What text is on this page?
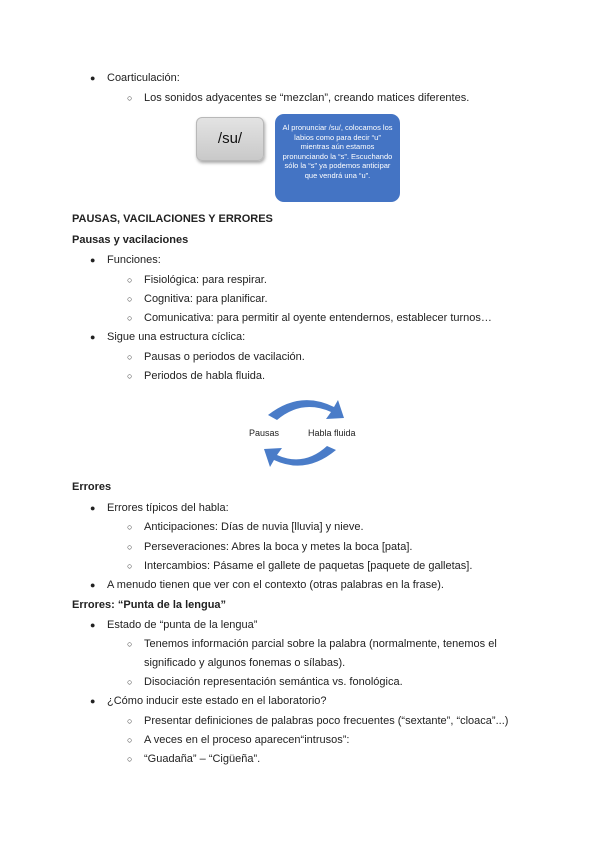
● Coarticulación:
○ Los sonidos adyacentes se “mezclan”, creando matices diferentes.
/su/
Al pronunciar /su/, colocamos los labios como para decir “u” mientras aún estamos pronunciando la “s”. Escuchando sólo la “s” ya podemos anticipar que vendrá una “u”.
PAUSAS, VACILACIONES Y ERRORES
Pausas y vacilaciones
● Funciones:
○ Fisiológica: para respirar.
○ Cognitiva: para planificar.
○ Comunicativa: para permitir al oyente entendernos, establecer turnos…
● Sigue una estructura cíclica:
○ Pausas o periodos de vacilación.
○ Periodos de habla fluida.
Pausas	Habla fluida
Errores
● Errores típicos del habla:
○ Anticipaciones: Días de nuvia [lluvia] y nieve.
○ Perseveraciones: Abres la boca y metes la boca [pata].
○ Intercambios: Pásame el gallete de paquetas [paquete de galletas].
● A menudo tienen que ver con el contexto (otras palabras en la frase).
Errores: “Punta de la lengua”
● Estado de “punta de la lengua”
○ Tenemos información parcial sobre la palabra (normalmente, tenemos el
significado y algunos fonemas o sílabas).
○ Disociación representación semántica vs. fonológica.
● ¿Cómo inducir este estado en el laboratorio?
○ Presentar definiciones de palabras poco frecuentes (“sextante”, “cloaca”...)
○ A veces en el proceso aparecen“intrusos”:
○ “Guadaña” – “Cigüeña”.
